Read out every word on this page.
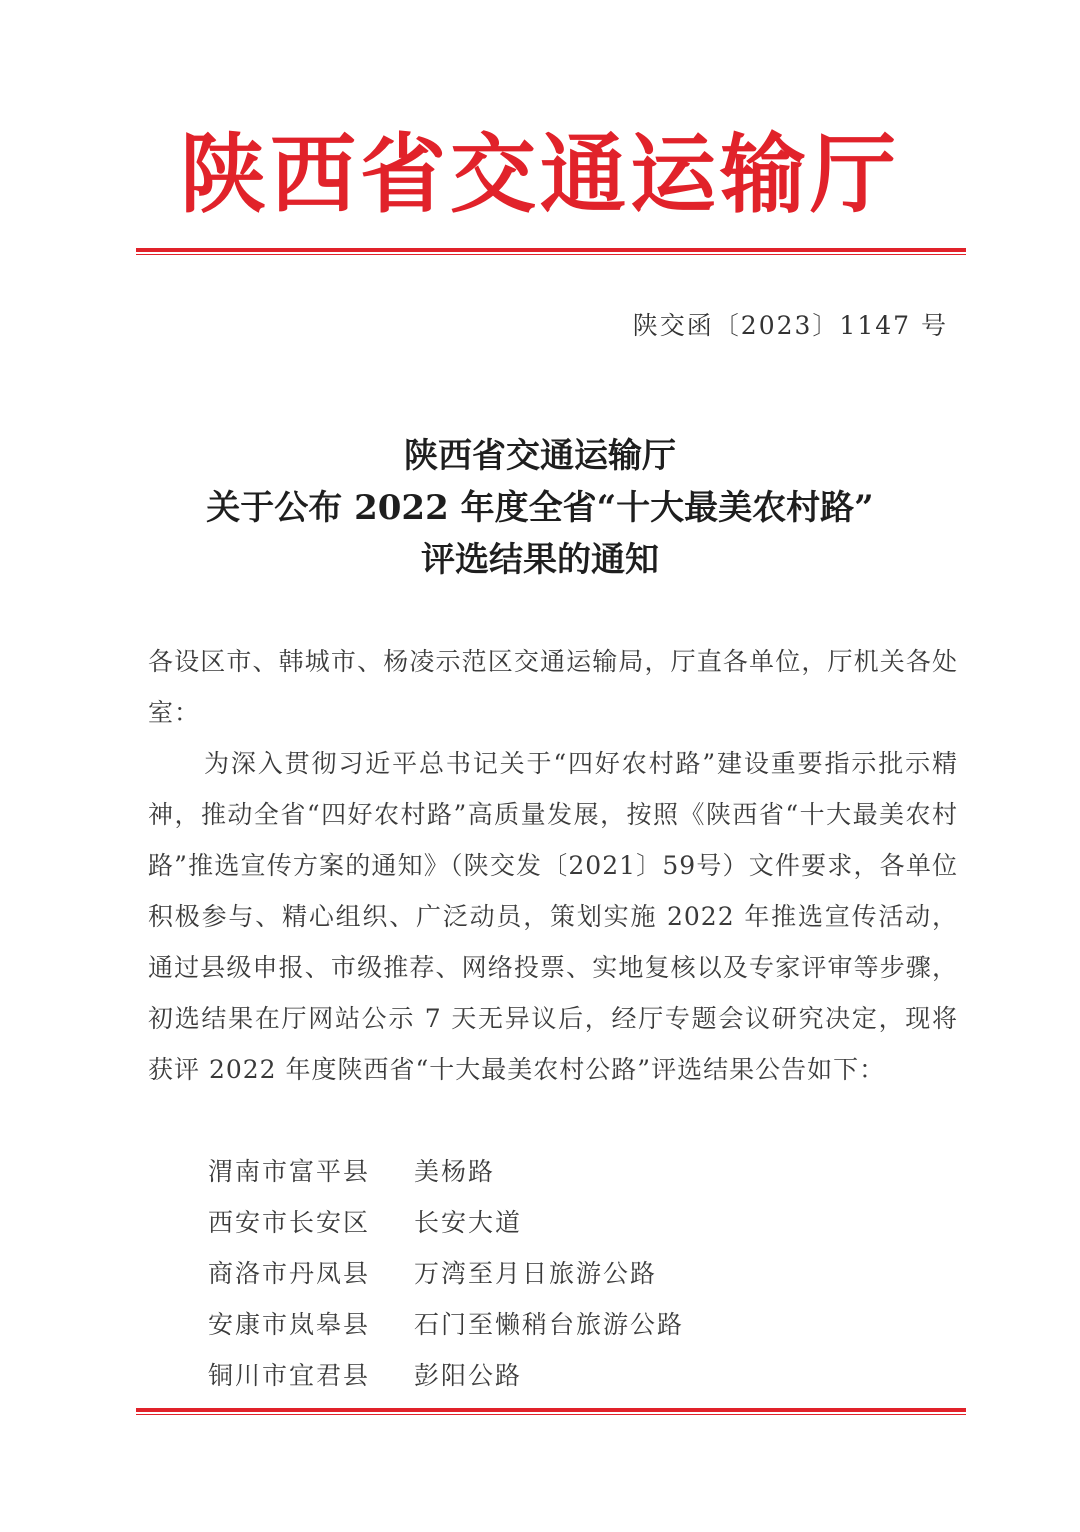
陕西省交通运输厅
陕交函〔2023〕1147 号
陕西省交通运输厅
关于公布 2022 年度全省“十大最美农村路”
评选结果的通知

各设区市、韩城市、杨凌示范区交通运输局，厅直各单位，厅机关各处室：

为深入贯彻习近平总书记关于“四好农村路”建设重要指示批示精神，推动全省“四好农村路”高质量发展，按照《陕西省“十大最美农村路”推选宣传方案的通知》（陕交发〔2021〕59号）文件要求，各单位积极参与、精心组织、广泛动员，策划实施 2022 年推选宣传活动，通过县级申报、市级推荐、网络投票、实地复核以及专家评审等步骤，初选结果在厅网站公示 7 天无异议后，经厅专题会议研究决定，现将获评 2022 年度陕西省“十大最美农村公路”评选结果公告如下：

渭南市富平县	美杨路
西安市长安区	长安大道
商洛市丹凤县	万湾至月日旅游公路
安康市岚皋县	石门至懒稍台旅游公路
铜川市宜君县	彭阳公路
